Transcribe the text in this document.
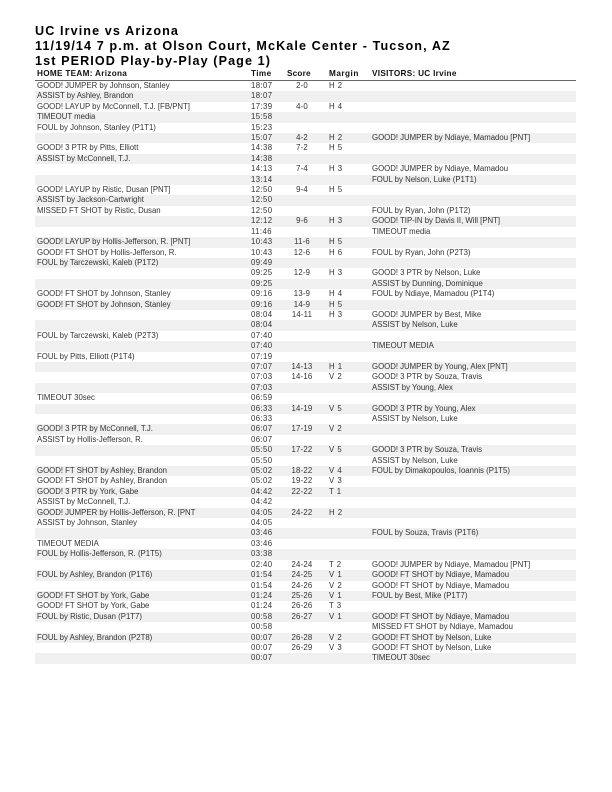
UC Irvine vs Arizona
11/19/14 7 p.m. at Olson Court, McKale Center - Tucson, AZ
1st PERIOD Play-by-Play (Page 1)
HOME TEAM: Arizona	Time Score Margin VISITORS: UC Irvine
GOOD! JUMPER by Johnson, Stanley	18:07	2-0	H 2
ASSIST by Ashley, Brandon	18:07
GOOD! LAYUP by McConnell, T.J. [FB/PNT]	17:39	4-0	H 4
TIMEOUT media	15:58
FOUL by Johnson, Stanley (P1T1)	15:23
15:07	4-2	H 2	GOOD! JUMPER by Ndiaye, Mamadou [PNT]
GOOD! 3 PTR by Pitts, Elliott	14:38	7-2	H 5
ASSIST by McConnell, T.J.	14:38
14:13	7-4	H 3	GOOD! JUMPER by Ndiaye, Mamadou
13:14	FOUL by Nelson, Luke (P1T1)
GOOD! LAYUP by Ristic, Dusan [PNT]	12:50	9-4	H 5
ASSIST by Jackson-Cartwright	12:50
MISSED FT SHOT by Ristic, Dusan	12:50	FOUL by Ryan, John (P1T2)
12:12	9-6	H 3	GOOD! TIP-IN by Davis II, Will [PNT]
11:46	TIMEOUT media
GOOD! LAYUP by Hollis-Jefferson, R. [PNT]	10:43	11-6	H 5
GOOD! FT SHOT by Hollis-Jefferson, R.	10:43	12-6	H 6	FOUL by Ryan, John (P2T3)
FOUL by Tarczewski, Kaleb (P1T2)	09:49
09:25	12-9	H 3	GOOD! 3 PTR by Nelson, Luke
09:25	ASSIST by Dunning, Dominique
GOOD! FT SHOT by Johnson, Stanley	09:16	13-9	H 4	FOUL by Ndiaye, Mamadou (P1T4)
GOOD! FT SHOT by Johnson, Stanley	09:16	14-9	H 5
08:04	14-11	H 3	GOOD! JUMPER by Best, Mike
08:04	ASSIST by Nelson, Luke
FOUL by Tarczewski, Kaleb (P2T3)	07:40
07:40	TIMEOUT MEDIA
FOUL by Pitts, Elliott (P1T4)	07:19
07:07	14-13	H 1	GOOD! JUMPER by Young, Alex [PNT]
07:03	14-16	V 2	GOOD! 3 PTR by Souza, Travis
07:03	ASSIST by Young, Alex
TIMEOUT 30sec	06:59
06:33	14-19	V 5	GOOD! 3 PTR by Young, Alex
06:33	ASSIST by Nelson, Luke
GOOD! 3 PTR by McConnell, T.J.	06:07	17-19	V 2
ASSIST by Hollis-Jefferson, R.	06:07
05:50	17-22	V 5	GOOD! 3 PTR by Souza, Travis
05:50	ASSIST by Nelson, Luke
GOOD! FT SHOT by Ashley, Brandon	05:02	18-22	V 4	FOUL by Dimakopoulos, Ioannis (P1T5)
GOOD! FT SHOT by Ashley, Brandon	05:02	19-22	V 3
GOOD! 3 PTR by York, Gabe	04:42	22-22	T 1
ASSIST by McConnell, T.J.	04:42
GOOD! JUMPER by Hollis-Jefferson, R. [PNT	04:05	24-22	H 2
ASSIST by Johnson, Stanley	04:05
03:46	FOUL by Souza, Travis (P1T6)
TIMEOUT MEDIA	03:46
FOUL by Hollis-Jefferson, R. (P1T5)	03:38
02:40	24-24	T 2	GOOD! JUMPER by Ndiaye, Mamadou [PNT]
FOUL by Ashley, Brandon (P1T6)	01:54	24-25	V 1	GOOD! FT SHOT by Ndiaye, Mamadou
01:54	24-26	V 2	GOOD! FT SHOT by Ndiaye, Mamadou
GOOD! FT SHOT by York, Gabe	01:24	25-26	V 1	FOUL by Best, Mike (P1T7)
GOOD! FT SHOT by York, Gabe	01:24	26-26	T 3
FOUL by Ristic, Dusan (P1T7)	00:58	26-27	V 1	GOOD! FT SHOT by Ndiaye, Mamadou
00:58	MISSED FT SHOT by Ndiaye, Mamadou
FOUL by Ashley, Brandon (P2T8)	00:07	26-28	V 2	GOOD! FT SHOT by Nelson, Luke
00:07	26-29	V 3	GOOD! FT SHOT by Nelson, Luke
00:07	TIMEOUT 30sec
